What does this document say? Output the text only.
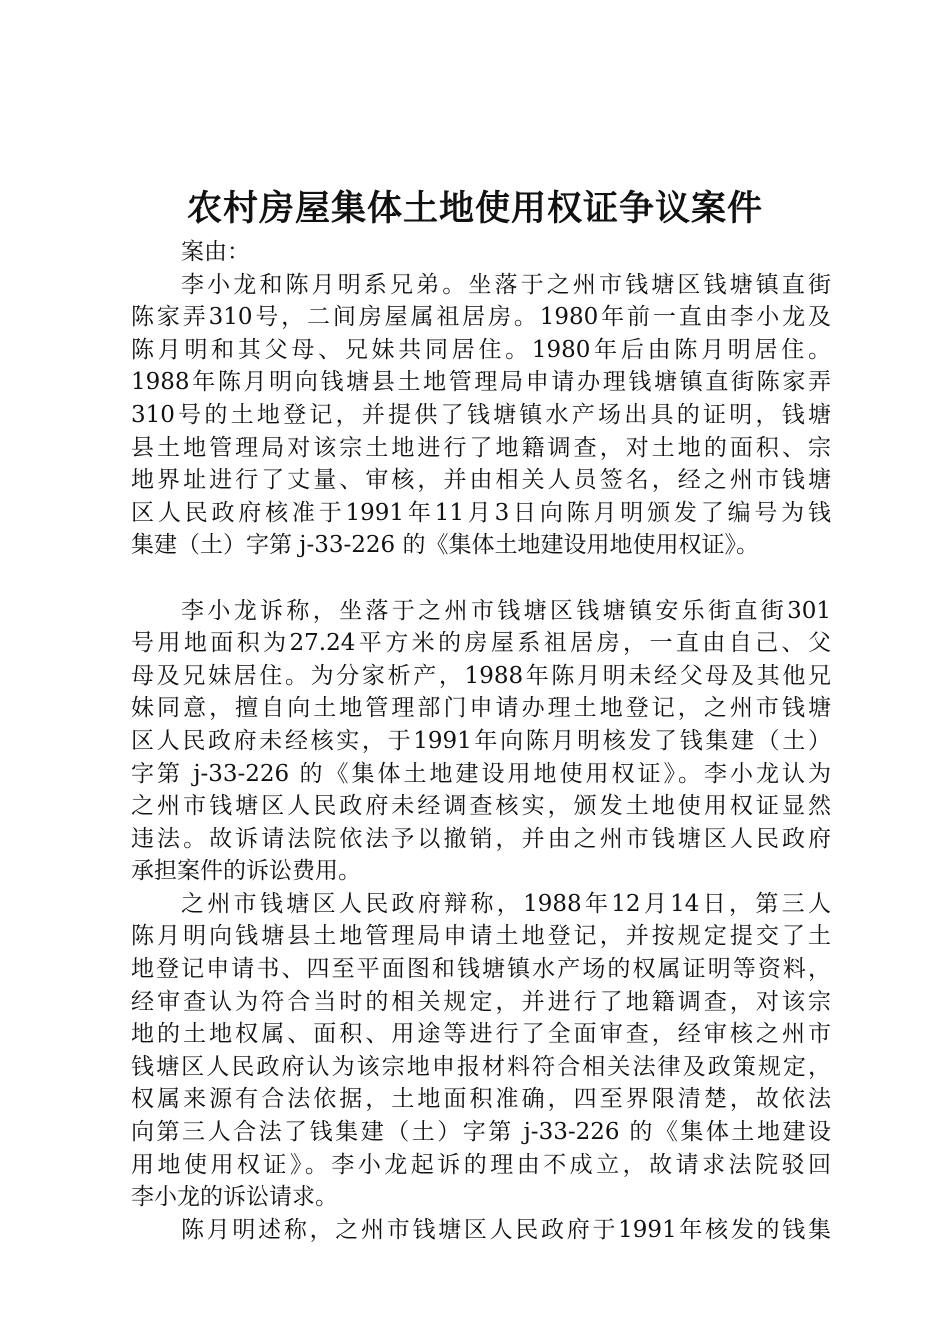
农村房屋集体土地使用权证争议案件
案由：
李小龙和陈月明系兄弟。坐落于之州市钱塘区钱塘镇直街
陈家弄310号，二间房屋属祖居房。1980年前一直由李小龙及
陈月明和其父母、兄妹共同居住。1980年后由陈月明居住。
1988年陈月明向钱塘县土地管理局申请办理钱塘镇直街陈家弄
310号的土地登记，并提供了钱塘镇水产场出具的证明，钱塘
县土地管理局对该宗土地进行了地籍调查，对土地的面积、宗
地界址进行了丈量、审核，并由相关人员签名，经之州市钱塘
区人民政府核准于1991年11月3日向陈月明颁发了编号为钱
集建（土）字第 j-33-226 的《集体土地建设用地使用权证》。
李小龙诉称，坐落于之州市钱塘区钱塘镇安乐街直街301
号用地面积为27.24平方米的房屋系祖居房，一直由自己、父
母及兄妹居住。为分家析产，1988年陈月明未经父母及其他兄
妹同意，擅自向土地管理部门申请办理土地登记，之州市钱塘
区人民政府未经核实，于1991年向陈月明核发了钱集建（土）
字第 j-33-226 的《集体土地建设用地使用权证》。李小龙认为
之州市钱塘区人民政府未经调查核实，颁发土地使用权证显然
违法。故诉请法院依法予以撤销，并由之州市钱塘区人民政府
承担案件的诉讼费用。
之州市钱塘区人民政府辩称，1988年12月14日，第三人
陈月明向钱塘县土地管理局申请土地登记，并按规定提交了土
地登记申请书、四至平面图和钱塘镇水产场的权属证明等资料，
经审查认为符合当时的相关规定，并进行了地籍调查，对该宗
地的土地权属、面积、用途等进行了全面审查，经审核之州市
钱塘区人民政府认为该宗地申报材料符合相关法律及政策规定，
权属来源有合法依据，土地面积准确，四至界限清楚，故依法
向第三人合法了钱集建（土）字第 j-33-226 的《集体土地建设
用地使用权证》。李小龙起诉的理由不成立，故请求法院驳回
李小龙的诉讼请求。
陈月明述称，之州市钱塘区人民政府于1991年核发的钱集
